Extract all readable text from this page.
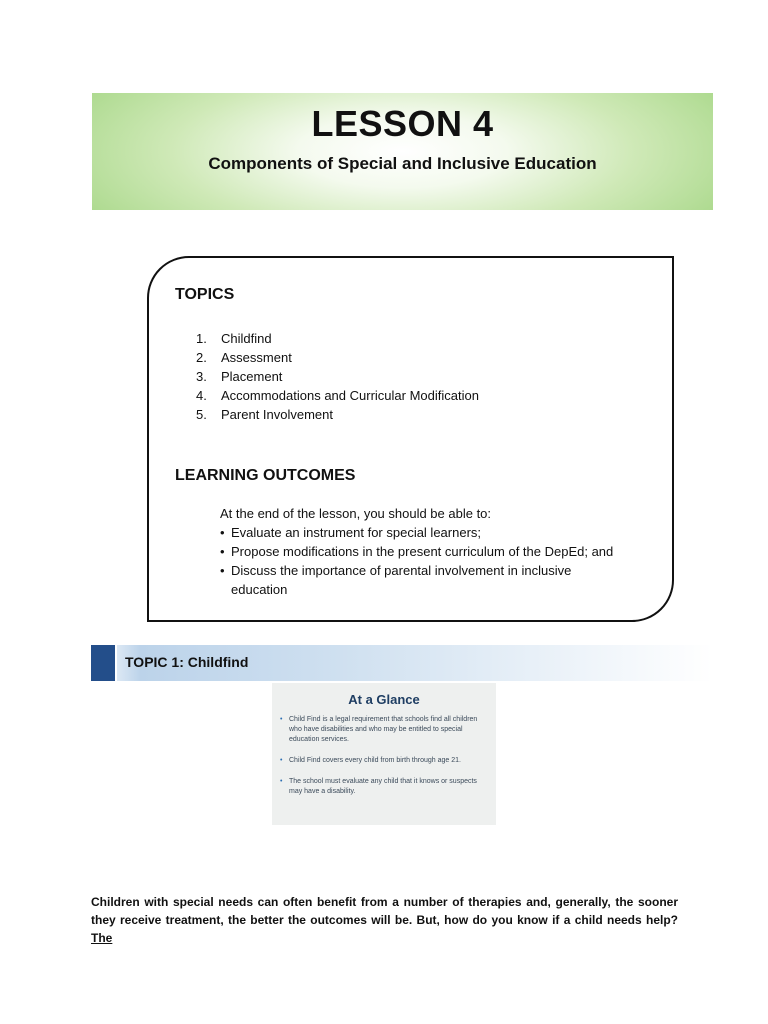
LESSON 4
Components of Special and Inclusive Education
TOPICS
1.	Childfind
2.	Assessment
3.	Placement
4.	Accommodations and Curricular Modification
5.	Parent Involvement
LEARNING OUTCOMES

At the end of the lesson, you should be able to:

• Evaluate an instrument for special learners;
• Propose modifications in the present curriculum of the DepEd; and
• Discuss the importance of parental involvement in inclusive education
TOPIC 1: Childfind
At a Glance
• Child Find is a legal requirement that schools find all children who have disabilities and who may be entitled to special education services.
• Child Find covers every child from birth through age 21.
• The school must evaluate any child that it knows or suspects may have a disability.
Children with special needs can often benefit from a number of therapies and, generally, the sooner they receive treatment, the better the outcomes will be. But, how do you know if a child needs help? The
